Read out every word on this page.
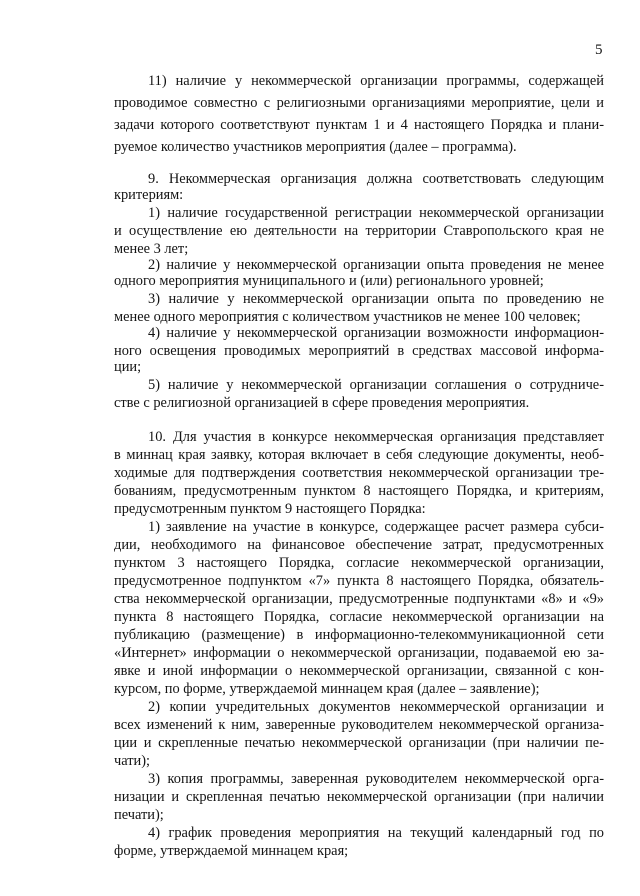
5
11) наличие у некоммерческой организации программы, содержащей
проводимое совместно с религиозными организациями мероприятие, цели и
задачи которого соответствуют пунктам 1 и 4 настоящего Порядка и плани-
руемое количество участников мероприятия (далее – программа).
9. Некоммерческая организация должна соответствовать следующим
критериям:
1) наличие государственной регистрации некоммерческой организации
и осуществление ею деятельности на территории Ставропольского края не
менее 3 лет;
2) наличие у некоммерческой организации опыта проведения не менее
одного мероприятия муниципального и (или) регионального уровней;
3) наличие у некоммерческой организации опыта по проведению не
менее одного мероприятия с количеством участников не менее 100 человек;
4) наличие у некоммерческой организации возможности информацион-
ного освещения проводимых мероприятий в средствах массовой информа-
ции;
5) наличие у некоммерческой организации соглашения о сотрудниче-
стве с религиозной организацией в сфере проведения мероприятия.
10. Для участия в конкурсе некоммерческая организация представляет
в миннац края заявку, которая включает в себя следующие документы, необ-
ходимые для подтверждения соответствия некоммерческой организации тре-
бованиям, предусмотренным пунктом 8 настоящего Порядка, и критериям,
предусмотренным пунктом 9 настоящего Порядка:
1) заявление на участие в конкурсе, содержащее расчет размера субси-
дии, необходимого на финансовое обеспечение затрат, предусмотренных
пунктом 3 настоящего Порядка, согласие некоммерческой организации,
предусмотренное подпунктом «7» пункта 8 настоящего Порядка, обязатель-
ства некоммерческой организации, предусмотренные подпунктами «8» и «9»
пункта 8 настоящего Порядка, согласие некоммерческой организации на
публикацию (размещение) в информационно-телекоммуникационной сети
«Интернет» информации о некоммерческой организации, подаваемой ею за-
явке и иной информации о некоммерческой организации, связанной с кон-
курсом, по форме, утверждаемой миннацем края (далее – заявление);
2) копии учредительных документов некоммерческой организации и
всех изменений к ним, заверенные руководителем некоммерческой организа-
ции и скрепленные печатью некоммерческой организации (при наличии пе-
чати);
3) копия программы, заверенная руководителем некоммерческой орга-
низации и скрепленная печатью некоммерческой организации (при наличии
печати);
4) график проведения мероприятия на текущий календарный год по
форме, утверждаемой миннацем края;
